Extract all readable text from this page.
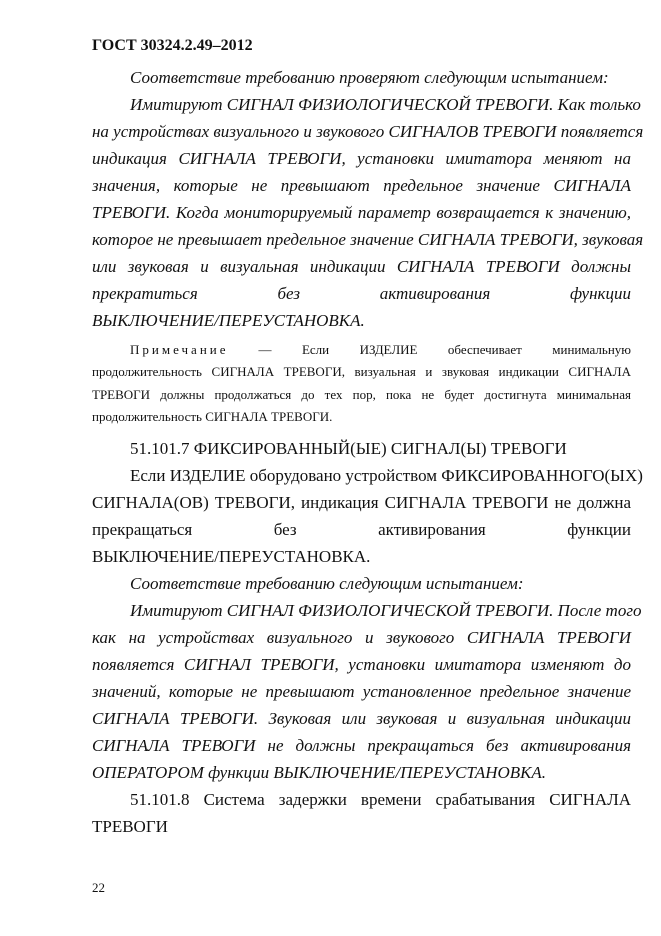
ГОСТ 30324.2.49–2012
Соответствие требованию проверяют следующим испытанием:
Имитируют СИГНАЛ ФИЗИОЛОГИЧЕСКОЙ ТРЕВОГИ. Как только
на устройствах визуального и звукового СИГНАЛОВ ТРЕВОГИ появляется
индикация СИГНАЛА ТРЕВОГИ, установки имитатора меняют на
значения, которые не превышают предельное значение СИГНАЛА
ТРЕВОГИ. Когда мониторируемый параметр возвращается к значению,
которое не превышает предельное значение СИГНАЛА ТРЕВОГИ, звуковая
или звуковая и визуальная индикации СИГНАЛА ТРЕВОГИ должны
прекратиться без активирования функции
ВЫКЛЮЧЕНИЕ/ПЕРЕУСТАНОВКА.
Примечание — Если ИЗДЕЛИЕ обеспечивает минимальную
продолжительность СИГНАЛА ТРЕВОГИ, визуальная и звуковая индикации СИГНАЛА
ТРЕВОГИ должны продолжаться до тех пор, пока не будет достигнута минимальная
продолжительность СИГНАЛА ТРЕВОГИ.
51.101.7 ФИКСИРОВАННЫЙ(ЫЕ) СИГНАЛ(Ы) ТРЕВОГИ
Если ИЗДЕЛИЕ оборудовано устройством ФИКСИРОВАННОГО(ЫХ)
СИГНАЛА(ОВ) ТРЕВОГИ, индикация СИГНАЛА ТРЕВОГИ не должна
прекращаться без активирования функции
ВЫКЛЮЧЕНИЕ/ПЕРЕУСТАНОВКА.
Соответствие требованию следующим испытанием:
Имитируют СИГНАЛ ФИЗИОЛОГИЧЕСКОЙ ТРЕВОГИ. После того
как на устройствах визуального и звукового СИГНАЛА ТРЕВОГИ
появляется СИГНАЛ ТРЕВОГИ, установки имитатора изменяют до
значений, которые не превышают установленное предельное значение
СИГНАЛА ТРЕВОГИ. Звуковая или звуковая и визуальная индикации
СИГНАЛА ТРЕВОГИ не должны прекращаться без активирования
ОПЕРАТОРОМ функции ВЫКЛЮЧЕНИЕ/ПЕРЕУСТАНОВКА.
51.101.8 Система задержки времени срабатывания СИГНАЛА
ТРЕВОГИ
22
